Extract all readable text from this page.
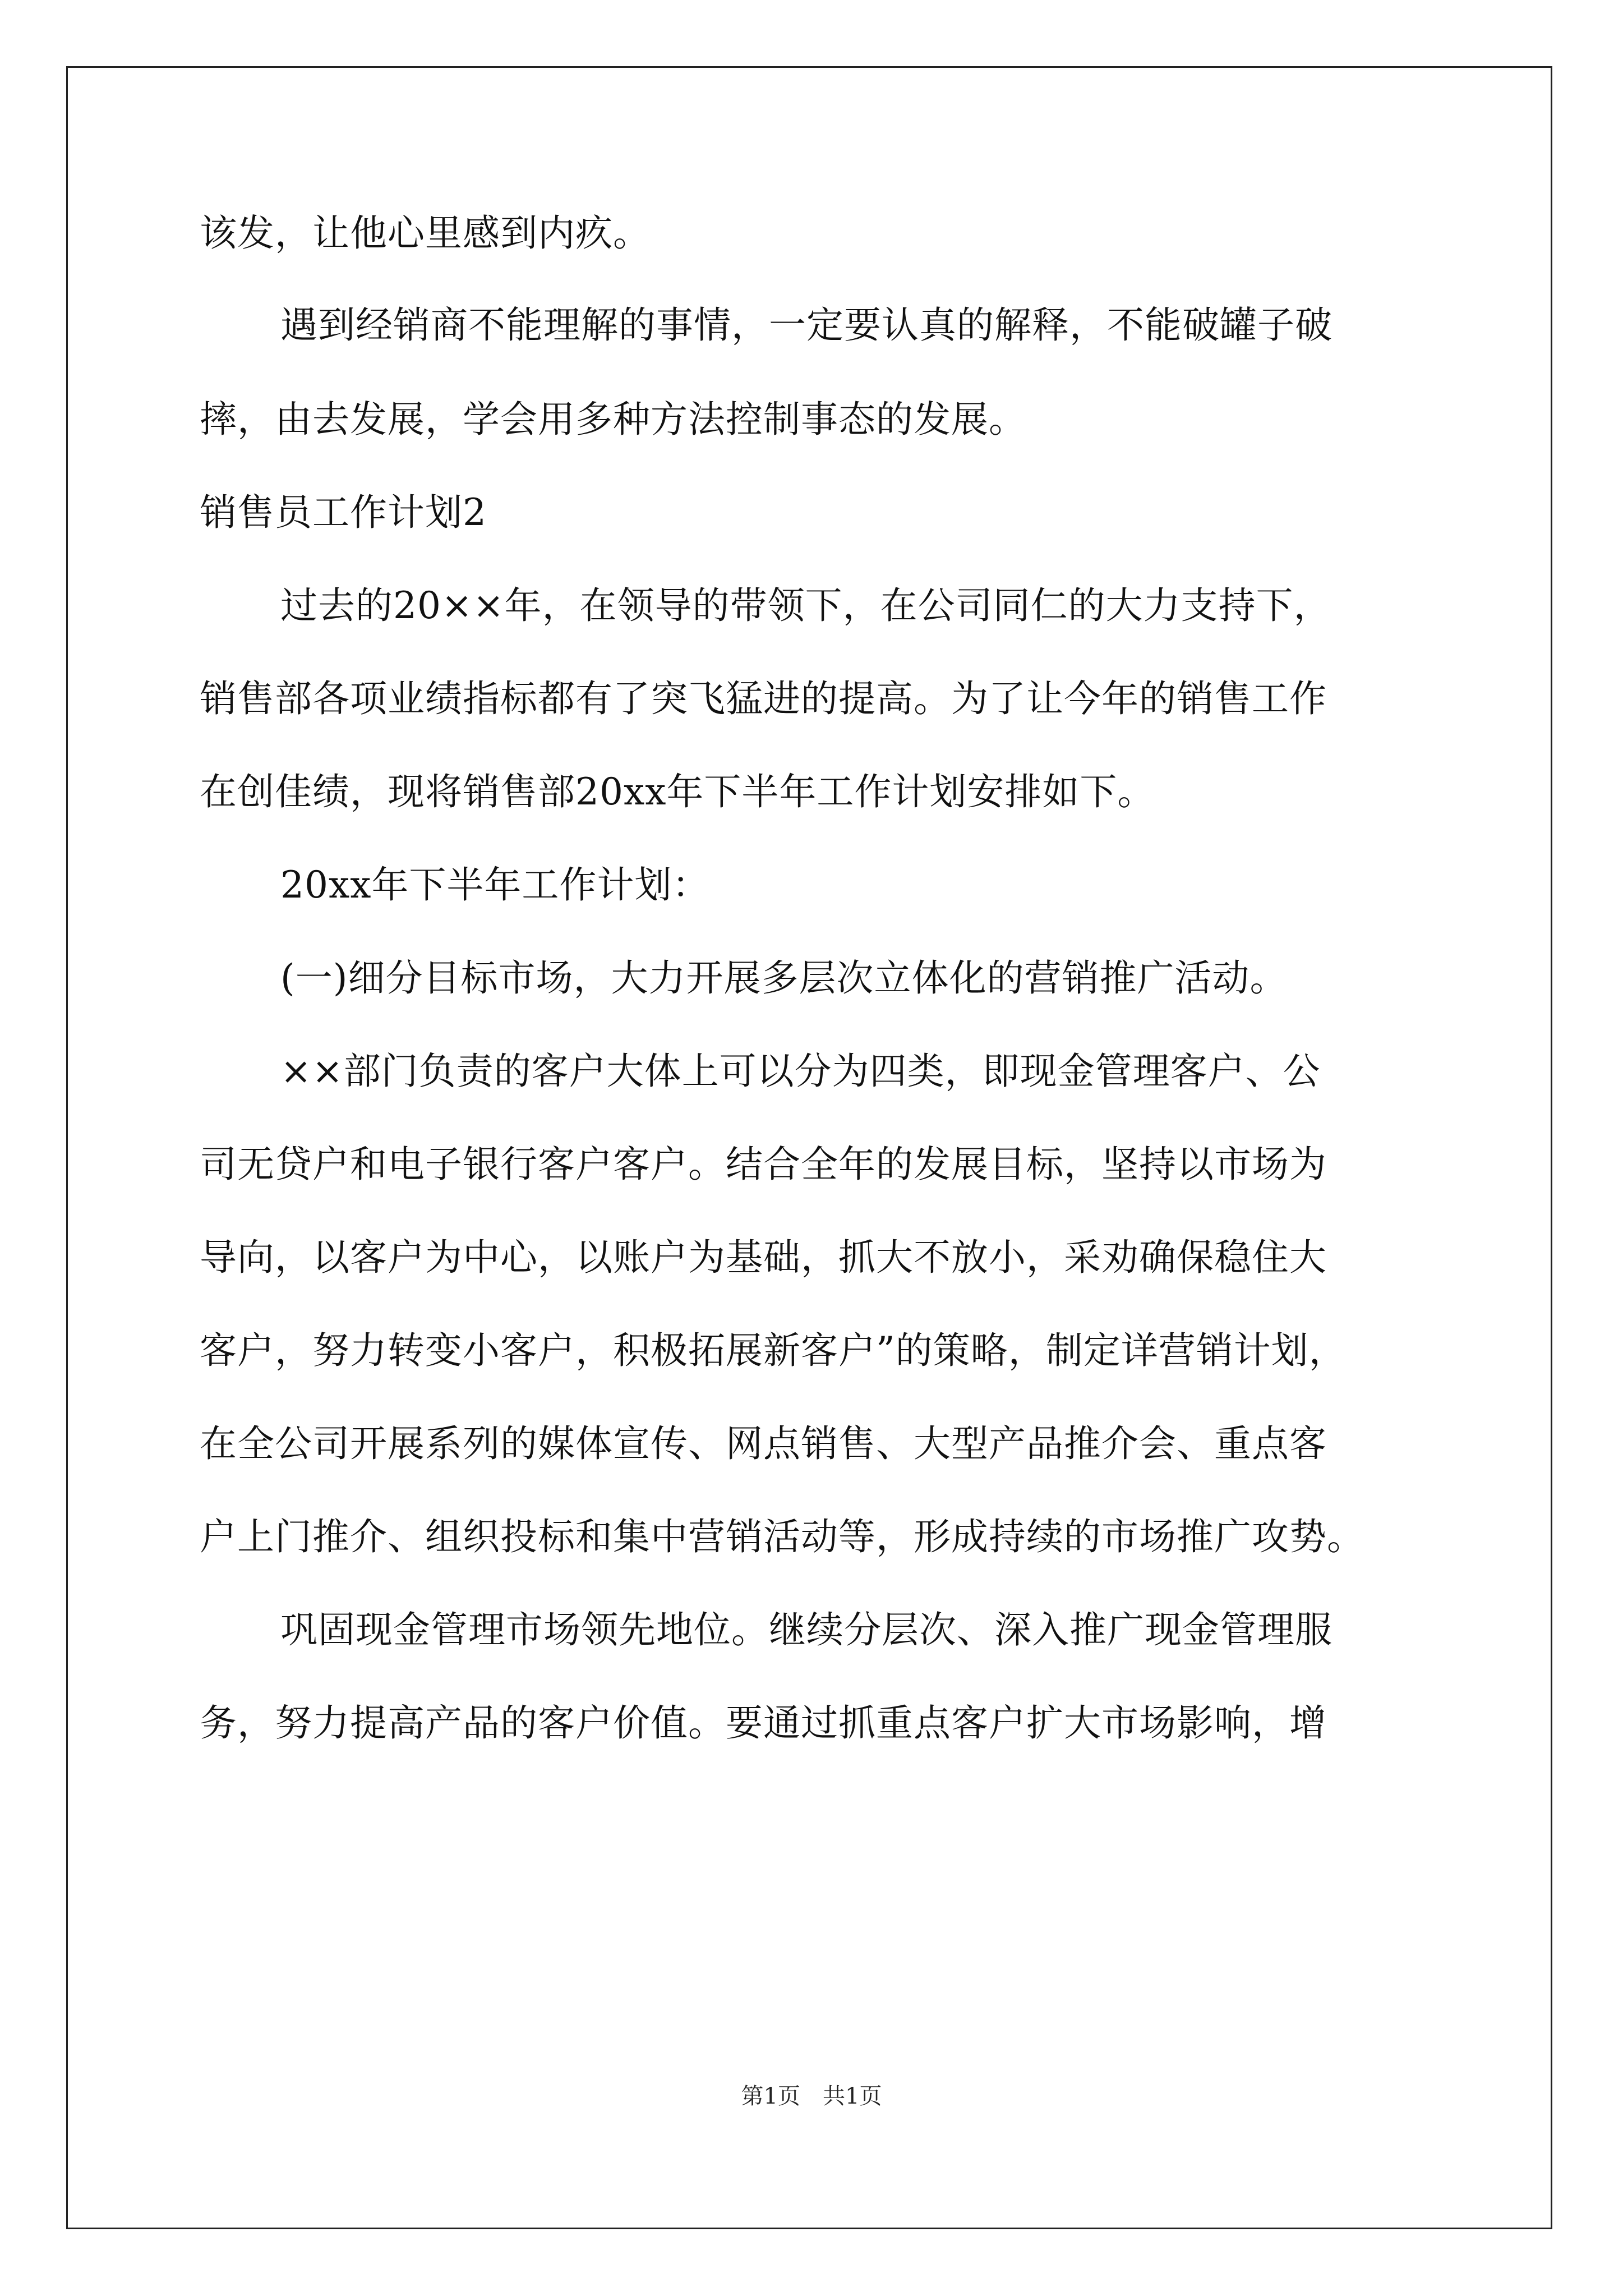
该发，让他心里感到内疚。
遇到经销商不能理解的事情，一定要认真的解释，不能破罐子破
摔，由去发展，学会用多种方法控制事态的发展。
销售员工作计划2
过去的20××年，在领导的带领下，在公司同仁的大力支持下，
销售部各项业绩指标都有了突飞猛进的提高。为了让今年的销售工作
在创佳绩，现将销售部20xx年下半年工作计划安排如下。
20xx年下半年工作计划：
(一)细分目标市场，大力开展多层次立体化的营销推广活动。
××部门负责的客户大体上可以分为四类，即现金管理客户、公
司无贷户和电子银行客户客户。结合全年的发展目标，坚持以市场为
导向，以客户为中心，以账户为基础，抓大不放小，采劝确保稳住大
客户，努力转变小客户，积极拓展新客户”的策略，制定详营销计划，
在全公司开展系列的媒体宣传、网点销售、大型产品推介会、重点客
户上门推介、组织投标和集中营销活动等，形成持续的市场推广攻势。
巩固现金管理市场领先地位。继续分层次、深入推广现金管理服
务，努力提高产品的客户价值。要通过抓重点客户扩大市场影响，增
第1页　共1页
